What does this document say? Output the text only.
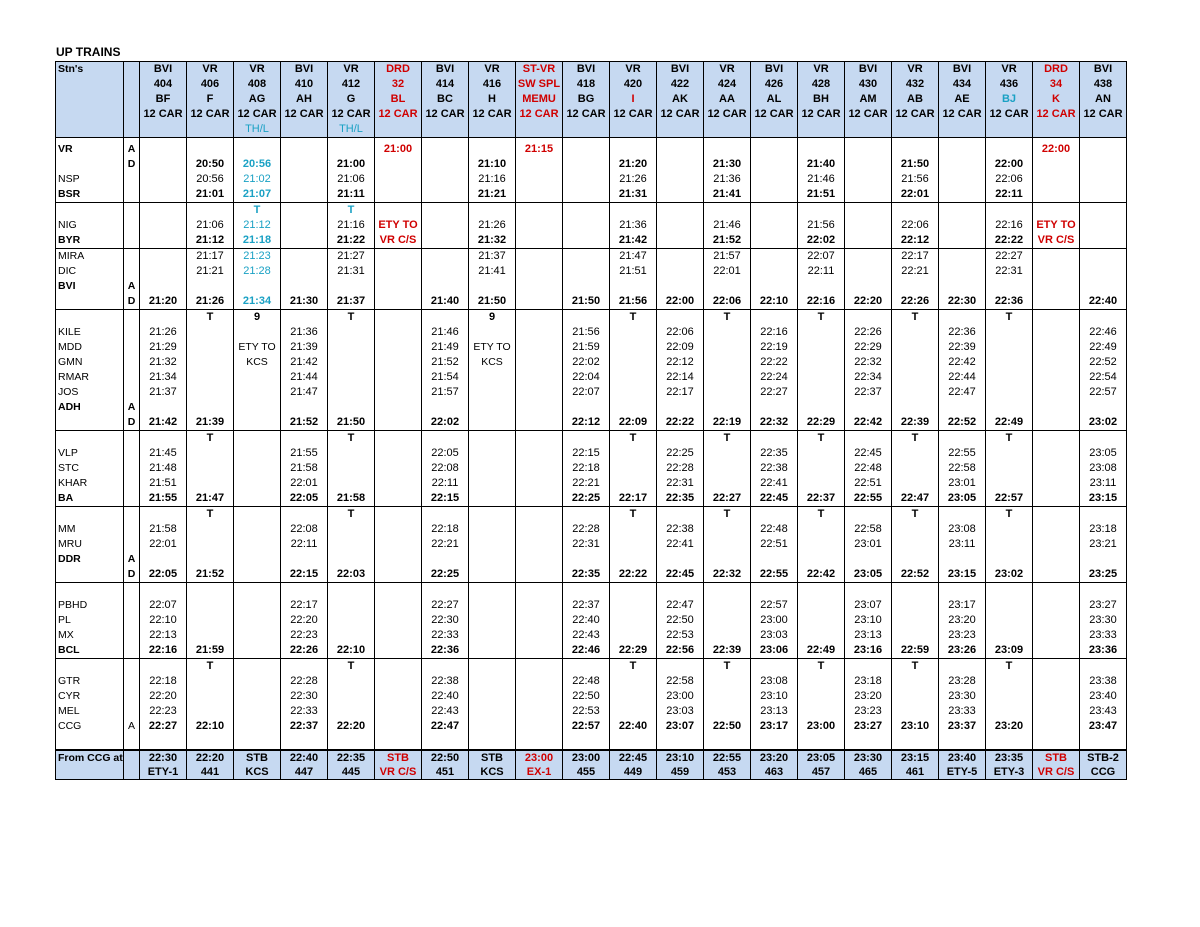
UP TRAINS
Stn's		BVI	VR	VR	BVI	VR	DRD	BVI	VR	ST-VR	BVI	VR	BVI	VR	BVI	VR	BVI	VR	BVI	VR	DRD	BVI
		404	406	408	410	412	32	414	416	SW SPL	418	420	422	424	426	428	430	432	434	436	34	438
		BF	F	AG	AH	G	BL	BC	H	MEMU	BG	I	AK	AA	AL	BH	AM	AB	AE	BJ	K	AN
		12 CAR	12 CAR	12 CAR	12 CAR	12 CAR	12 CAR	12 CAR	12 CAR	12 CAR	12 CAR	12 CAR	12 CAR	12 CAR	12 CAR	12 CAR	12 CAR	12 CAR	12 CAR	12 CAR	12 CAR	12 CAR
				TH/L		TH/L																

VR	A						21:00			21:15											22:00	
	D		20:50	20:56		21:00			21:10			21:20		21:30		21:40		21:50		22:00		
NSP			20:56	21:02		21:06			21:16			21:26		21:36		21:46		21:56		22:06		
BSR			21:01	21:07		21:11			21:21			21:31		21:41		21:51		22:01		22:11		
				T		T																
NIG			21:06	21:12		21:16	ETY TO		21:26			21:36		21:46		21:56		22:06		22:16	ETY TO	
BYR			21:12	21:18		21:22	VR C/S		21:32			21:42		21:52		22:02		22:12		22:22	VR C/S	
MIRA			21:17	21:23		21:27			21:37			21:47		21:57		22:07		22:17		22:27		
DIC			21:21	21:28		21:31			21:41			21:51		22:01		22:11		22:21		22:31		
BVI	A																					
	D	21:20	21:26	21:34	21:30	21:37		21:40	21:50		21:50	21:56	22:00	22:06	22:10	22:16	22:20	22:26	22:30	22:36		22:40
			T	9		T			9			T		T		T		T		T		
KILE		21:26			21:36			21:46			21:56		22:06		22:16		22:26		22:36			22:46
MDD		21:29		ETY TO	21:39			21:49	ETY TO		21:59		22:09		22:19		22:29		22:39			22:49
GMN		21:32		KCS	21:42			21:52	KCS		22:02		22:12		22:22		22:32		22:42			22:52
RMAR		21:34			21:44			21:54			22:04		22:14		22:24		22:34		22:44			22:54
JOS		21:37			21:47			21:57			22:07		22:17		22:27		22:37		22:47			22:57
ADH	A																					
	D	21:42	21:39		21:52	21:50		22:02			22:12	22:09	22:22	22:19	22:32	22:29	22:42	22:39	22:52	22:49		23:02
			T			T						T		T		T		T		T		
VLP		21:45			21:55			22:05			22:15		22:25		22:35		22:45		22:55			23:05
STC		21:48			21:58			22:08			22:18		22:28		22:38		22:48		22:58			23:08
KHAR		21:51			22:01			22:11			22:21		22:31		22:41		22:51		23:01			23:11
BA		21:55	21:47		22:05	21:58		22:15			22:25	22:17	22:35	22:27	22:45	22:37	22:55	22:47	23:05	22:57		23:15
			T			T						T		T		T		T		T		
MM		21:58			22:08			22:18			22:28		22:38		22:48		22:58		23:08			23:18
MRU		22:01			22:11			22:21			22:31		22:41		22:51		23:01		23:11			23:21
DDR	A																					
	D	22:05	21:52		22:15	22:03		22:25			22:35	22:22	22:45	22:32	22:55	22:42	23:05	22:52	23:15	23:02		23:25

PBHD		22:07			22:17			22:27			22:37		22:47		22:57		23:07		23:17			23:27
PL		22:10			22:20			22:30			22:40		22:50		23:00		23:10		23:20			23:30
MX		22:13			22:23			22:33			22:43		22:53		23:03		23:13		23:23			23:33
BCL		22:16	21:59		22:26	22:10		22:36			22:46	22:29	22:56	22:39	23:06	22:49	23:16	22:59	23:26	23:09		23:36
			T			T						T		T		T		T		T		
GTR		22:18			22:28			22:38			22:48		22:58		23:08		23:18		23:28			23:38
CYR		22:20			22:30			22:40			22:50		23:00		23:10		23:20		23:30			23:40
MEL		22:23			22:33			22:43			22:53		23:03		23:13		23:23		23:33			23:43
CCG	A	22:27	22:10		22:37	22:20		22:47			22:57	22:40	23:07	22:50	23:17	23:00	23:27	23:10	23:37	23:20		23:47

From CCG at		22:30	22:20	STB	22:40	22:35	STB	22:50	STB	23:00	23:00	22:45	23:10	22:55	23:20	23:05	23:30	23:15	23:40	23:35	STB	STB-2
		ETY-1	441	KCS	447	445	VR C/S	451	KCS	EX-1	455	449	459	453	463	457	465	461	ETY-5	ETY-3	VR C/S	CCG
